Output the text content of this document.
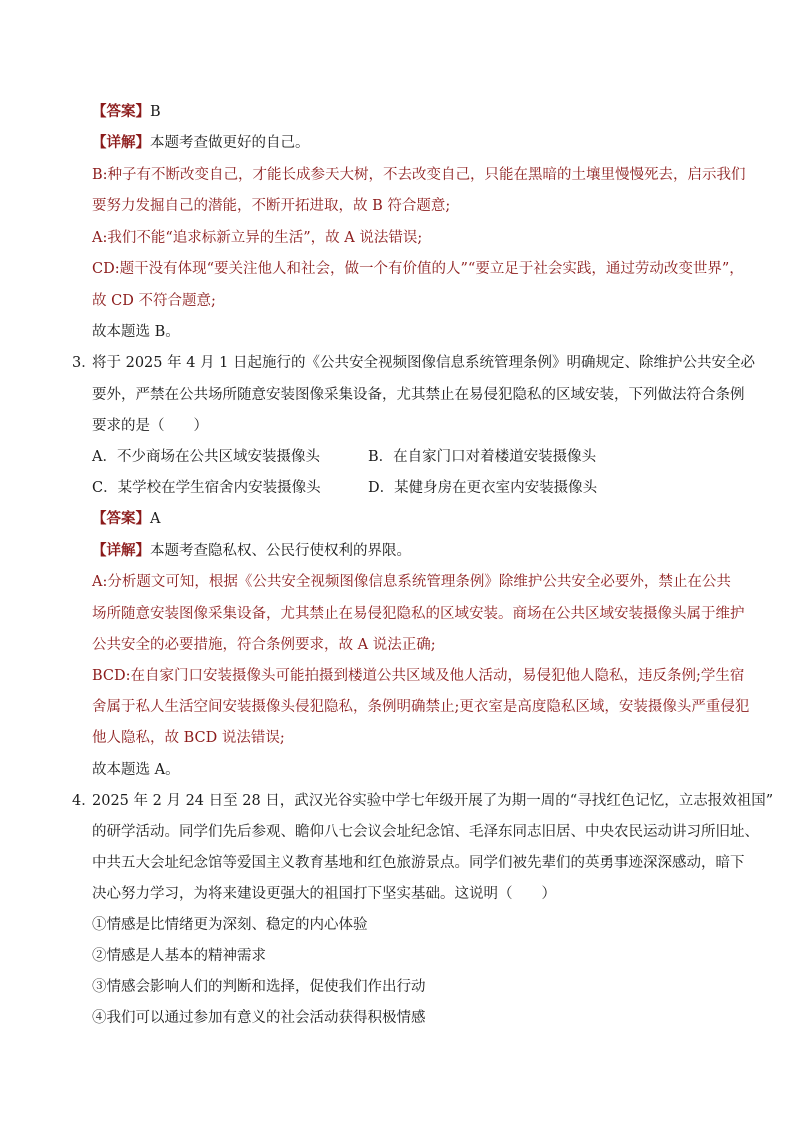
【答案】B
【详解】本题考查做更好的自己。
B:种子有不断改变自己，才能长成参天大树，不去改变自己，只能在黑暗的土壤里慢慢死去，启示我们
要努力发掘自己的潜能，不断开拓进取，故 B 符合题意;
A:我们不能“追求标新立异的生活”，故 A 说法错误;
CD:题干没有体现“要关注他人和社会，做一个有价值的人”“要立足于社会实践，通过劳动改变世界”，
故 CD 不符合题意;
故本题选 B。
3．
将于 2025 年 4 月 1 日起施行的《公共安全视频图像信息系统管理条例》明确规定、除维护公共安全必
要外，严禁在公共场所随意安装图像采集设备，尤其禁止在易侵犯隐私的区域安装，下列做法符合条例
要求的是（　　）
A．不少商场在公共区域安装摄像头	B．在自家门口对着楼道安装摄像头
C．某学校在学生宿舍内安装摄像头	D．某健身房在更衣室内安装摄像头
【答案】A
【详解】本题考查隐私权、公民行使权利的界限。
A:分析题文可知，根据《公共安全视频图像信息系统管理条例》除维护公共安全必要外，禁止在公共
场所随意安装图像采集设备，尤其禁止在易侵犯隐私的区域安装。商场在公共区域安装摄像头属于维护
公共安全的必要措施，符合条例要求，故 A 说法正确;
BCD:在自家门口安装摄像头可能拍摄到楼道公共区域及他人活动，易侵犯他人隐私，违反条例;学生宿
舍属于私人生活空间安装摄像头侵犯隐私，条例明确禁止;更衣室是高度隐私区域，安装摄像头严重侵犯
他人隐私，故 BCD 说法错误;
故本题选 A。
4．
2025 年 2 月 24 日至 28 日，武汉光谷实验中学七年级开展了为期一周的“寻找红色记忆，立志报效祖国”
的研学活动。同学们先后参观、瞻仰八七会议会址纪念馆、毛泽东同志旧居、中央农民运动讲习所旧址、
中共五大会址纪念馆等爱国主义教育基地和红色旅游景点。同学们被先辈们的英勇事迹深深感动，暗下
决心努力学习，为将来建设更强大的祖国打下坚实基础。这说明（　　）
①情感是比情绪更为深刻、稳定的内心体验
②情感是人基本的精神需求
③情感会影响人们的判断和选择，促使我们作出行动
④我们可以通过参加有意义的社会活动获得积极情感
